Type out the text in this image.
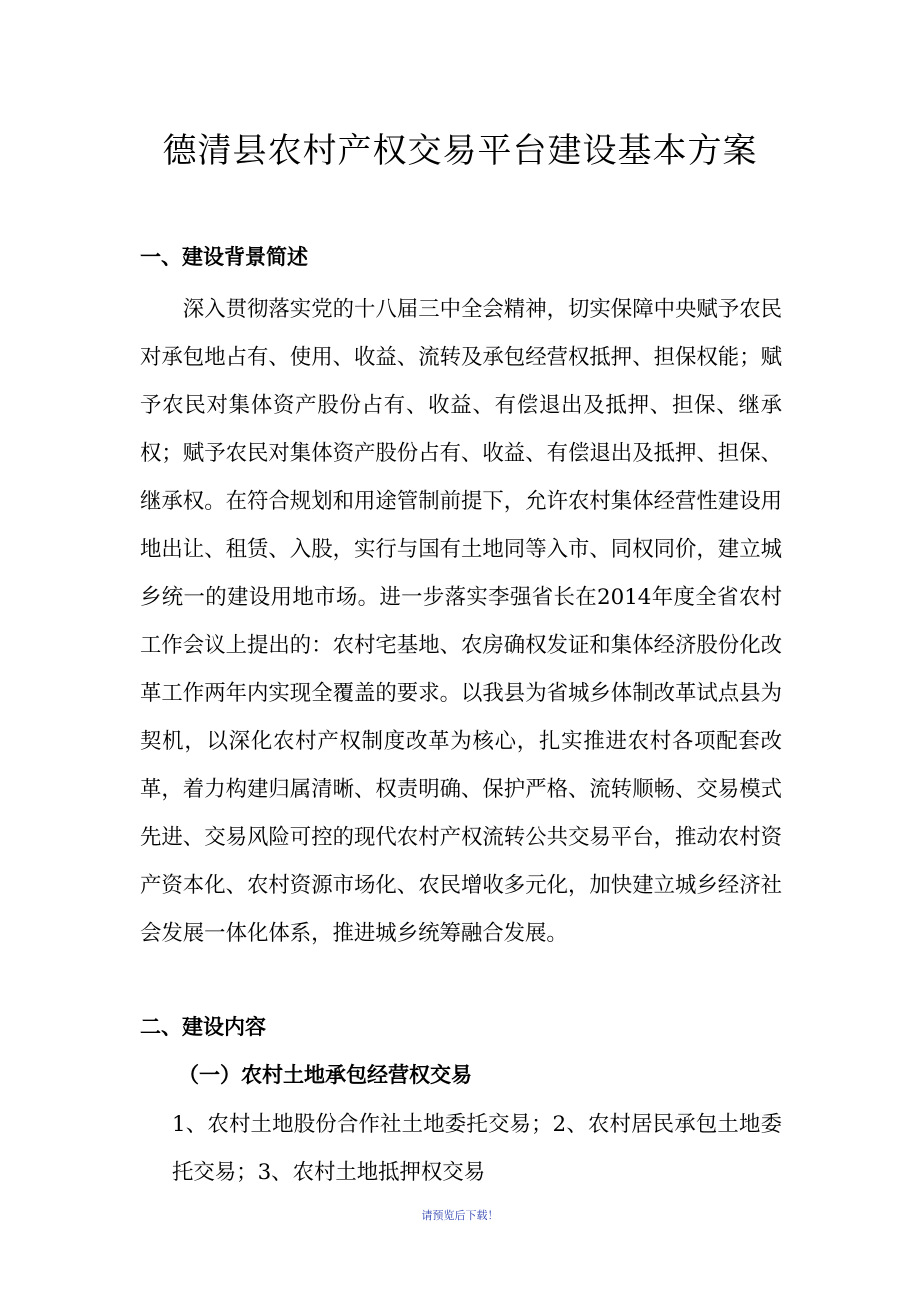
德清县农村产权交易平台建设基本方案
一、建设背景简述

深入贯彻落实党的十八届三中全会精神，切实保障中央赋予农民对承包地占有、使用、收益、流转及承包经营权抵押、担保权能；赋予农民对集体资产股份占有、收益、有偿退出及抵押、担保、继承权；赋予农民对集体资产股份占有、收益、有偿退出及抵押、担保、继承权。在符合规划和用途管制前提下，允许农村集体经营性建设用地出让、租赁、入股，实行与国有土地同等入市、同权同价，建立城乡统一的建设用地市场。进一步落实李强省长在2014年度全省农村工作会议上提出的：农村宅基地、农房确权发证和集体经济股份化改革工作两年内实现全覆盖的要求。以我县为省城乡体制改革试点县为契机，以深化农村产权制度改革为核心，扎实推进农村各项配套改革，着力构建归属清晰、权责明确、保护严格、流转顺畅、交易模式先进、交易风险可控的现代农村产权流转公共交易平台，推动农村资产资本化、农村资源市场化、农民增收多元化，加快建立城乡经济社会发展一体化体系，推进城乡统筹融合发展。

二、建设内容
（一）农村土地承包经营权交易

1、农村土地股份合作社土地委托交易；2、农村居民承包土地委托交易；3、农村土地抵押权交易

请预览后下载！
